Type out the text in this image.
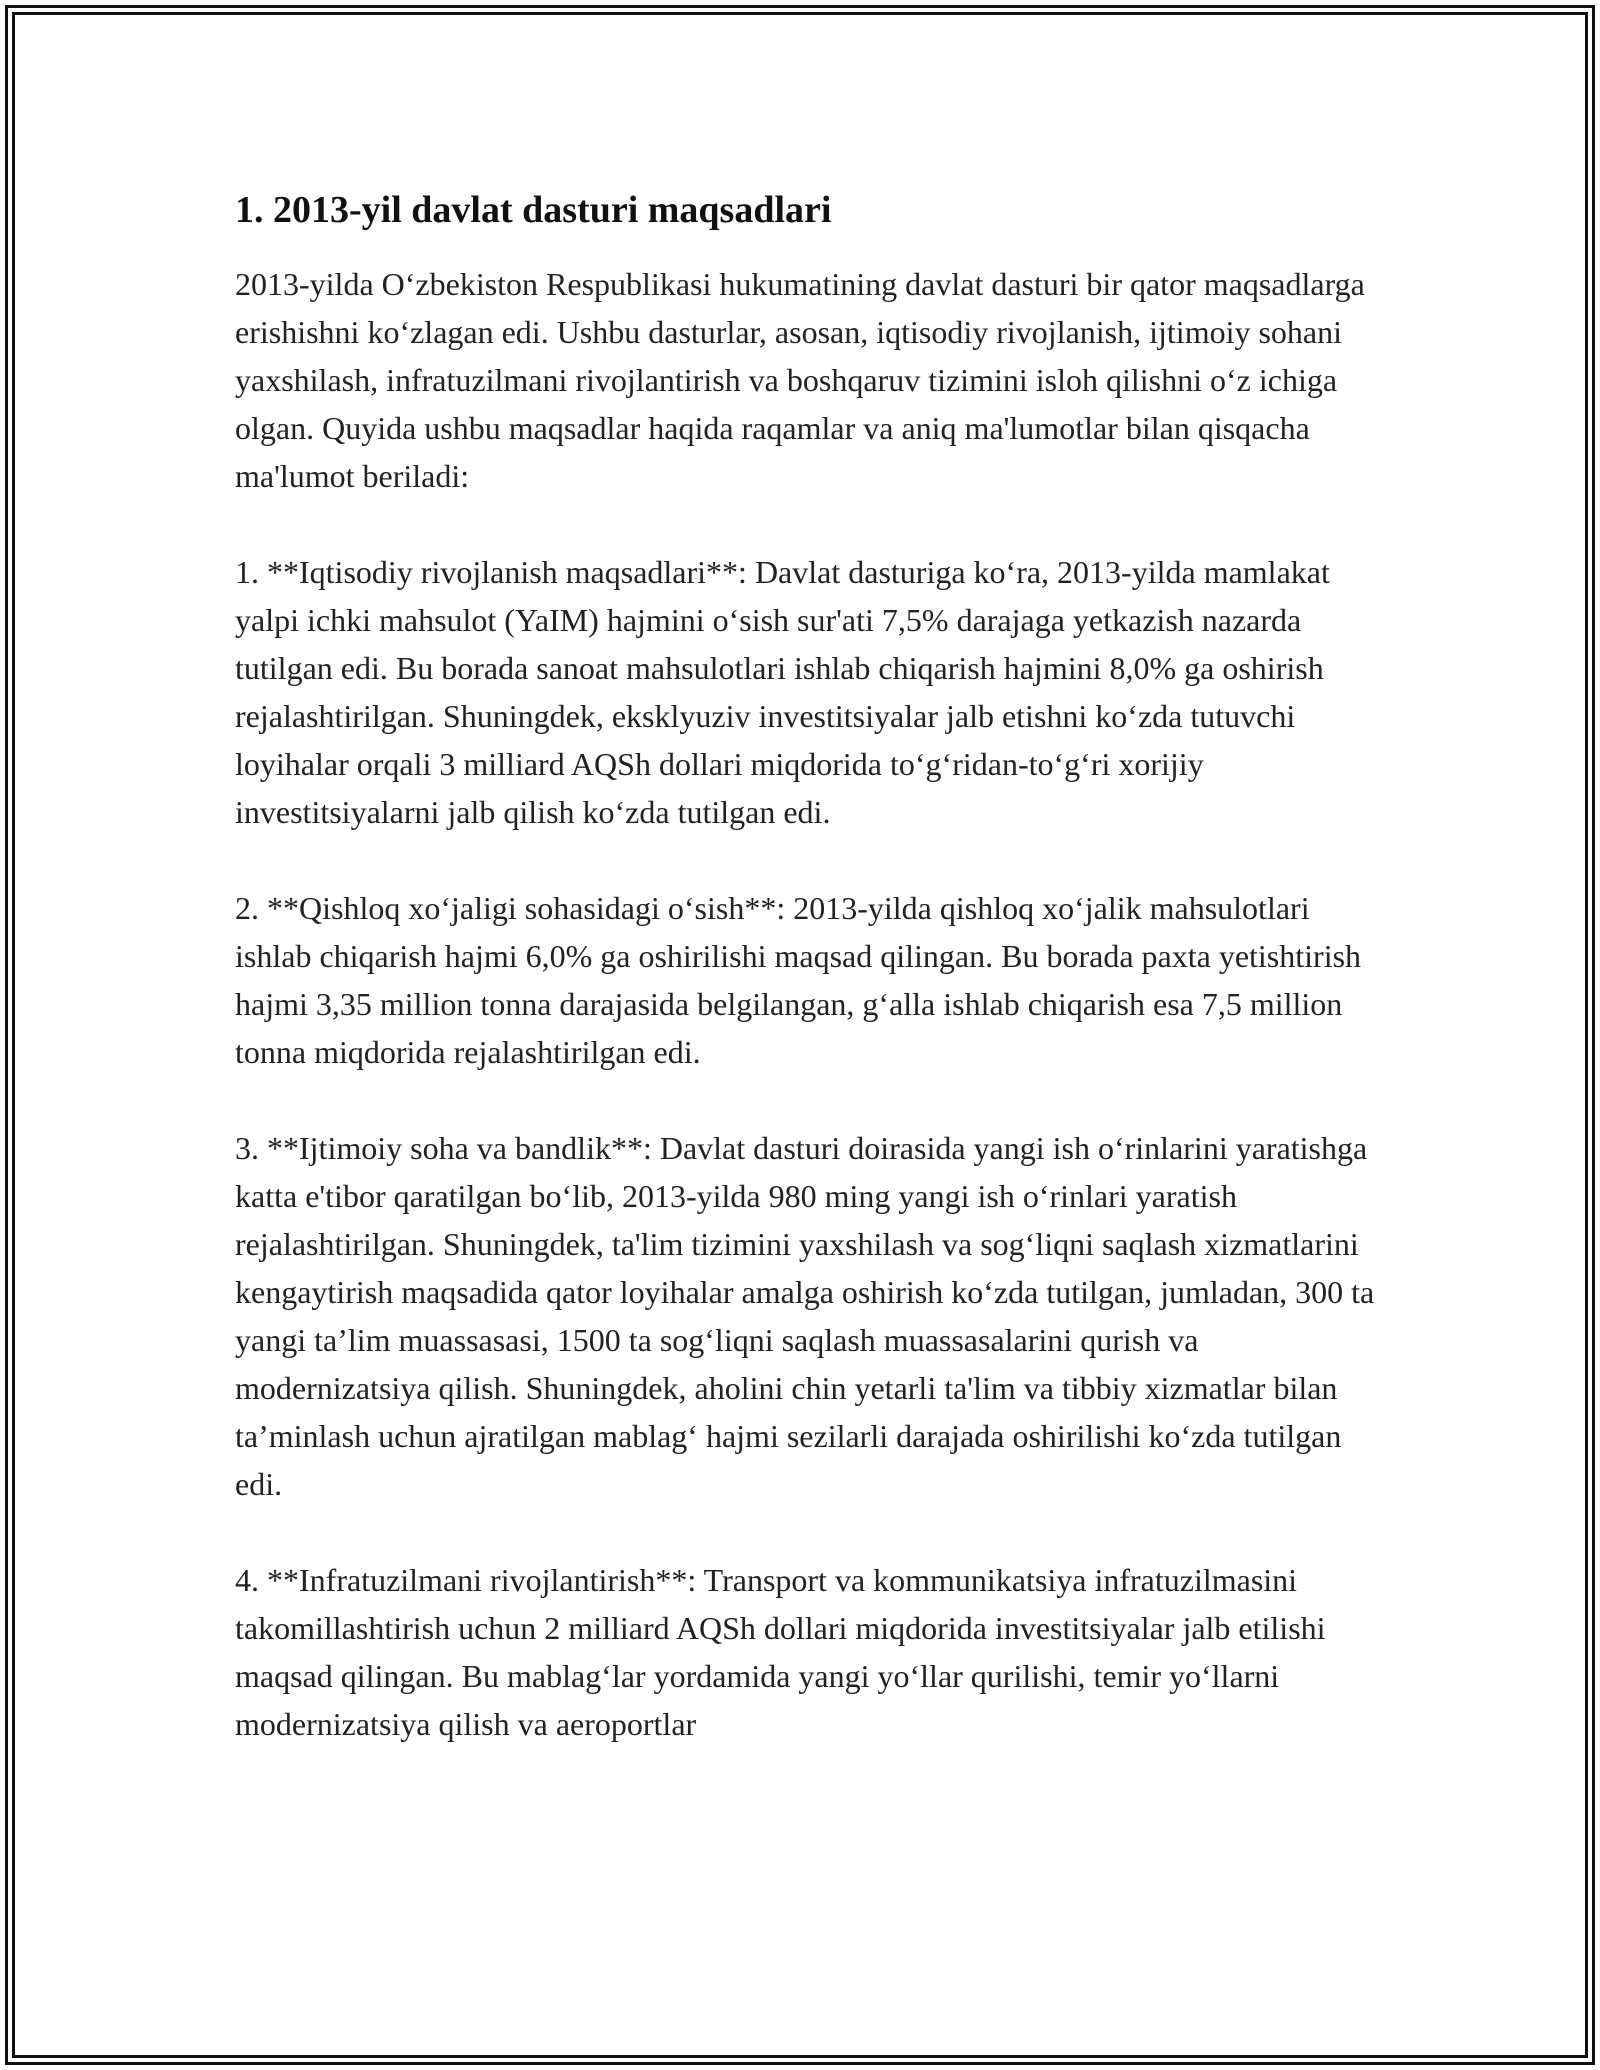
1. 2013-yil davlat dasturi maqsadlari

2013-yilda O‘zbekiston Respublikasi hukumatining davlat dasturi bir qator maqsadlarga erishishni ko‘zlagan edi. Ushbu dasturlar, asosan, iqtisodiy rivojlanish, ijtimoiy sohani yaxshilash, infratuzilmani rivojlantirish va boshqaruv tizimini isloh qilishni o‘z ichiga olgan. Quyida ushbu maqsadlar haqida raqamlar va aniq ma'lumotlar bilan qisqacha ma'lumot beriladi:

1. **Iqtisodiy rivojlanish maqsadlari**: Davlat dasturiga ko‘ra, 2013-yilda mamlakat yalpi ichki mahsulot (YaIM) hajmini o‘sish sur'ati 7,5% darajaga yetkazish nazarda tutilgan edi. Bu borada sanoat mahsulotlari ishlab chiqarish hajmini 8,0% ga oshirish rejalashtirilgan. Shuningdek, eksklyuziv investitsiyalar jalb etishni ko‘zda tutuvchi loyihalar orqali 3 milliard AQSh dollari miqdorida to‘g‘ridan-to‘g‘ri xorijiy investitsiyalarni jalb qilish ko‘zda tutilgan edi.

2. **Qishloq xo‘jaligi sohasidagi o‘sish**: 2013-yilda qishloq xo‘jalik mahsulotlari ishlab chiqarish hajmi 6,0% ga oshirilishi maqsad qilingan. Bu borada paxta yetishtirish hajmi 3,35 million tonna darajasida belgilangan, g‘alla ishlab chiqarish esa 7,5 million tonna miqdorida rejalashtirilgan edi.

3. **Ijtimoiy soha va bandlik**: Davlat dasturi doirasida yangi ish o‘rinlarini yaratishga katta e'tibor qaratilgan bo‘lib, 2013-yilda 980 ming yangi ish o‘rinlari yaratish rejalashtirilgan. Shuningdek, ta'lim tizimini yaxshilash va sog‘liqni saqlash xizmatlarini kengaytirish maqsadida qator loyihalar amalga oshirish ko‘zda tutilgan, jumladan, 300 ta yangi ta’lim muassasasi, 1500 ta sog‘liqni saqlash muassasalarini qurish va modernizatsiya qilish. Shuningdek, aholini chin yetarli ta'lim va tibbiy xizmatlar bilan ta’minlash uchun ajratilgan mablag‘ hajmi sezilarli darajada oshirilishi ko‘zda tutilgan edi.

4. **Infratuzilmani rivojlantirish**: Transport va kommunikatsiya infratuzilmasini takomillashtirish uchun 2 milliard AQSh dollari miqdorida investitsiyalar jalb etilishi maqsad qilingan. Bu mablag‘lar yordamida yangi yo‘llar qurilishi, temir yo‘llarni modernizatsiya qilish va aeroportlar
